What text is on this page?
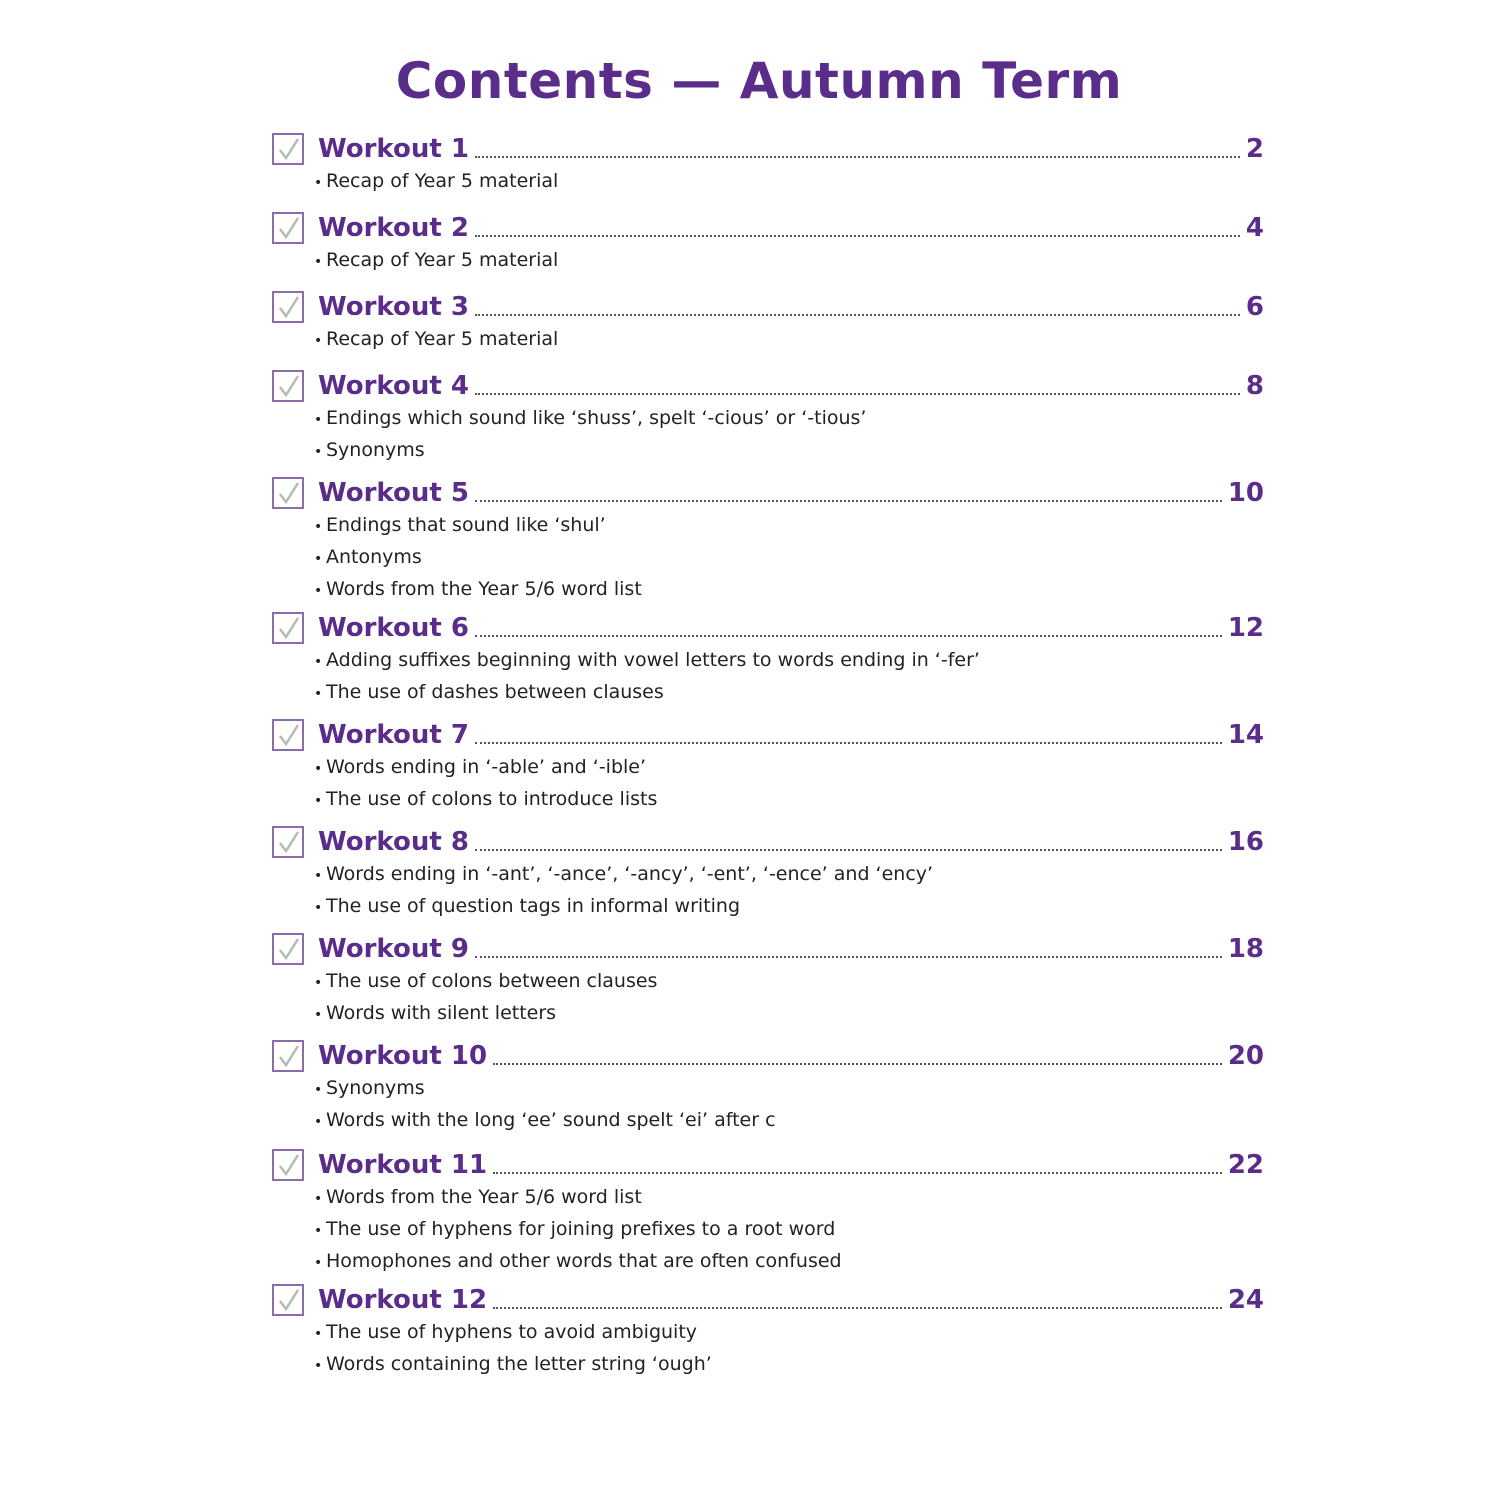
Contents — Autumn Term
Workout 1	2
• Recap of Year 5 material
Workout 2	4
• Recap of Year 5 material
Workout 3	6
• Recap of Year 5 material
Workout 4	8
• Endings which sound like ‘shuss’, spelt ‘-cious’ or ‘-tious’
• Synonyms
Workout 5	10
• Endings that sound like ‘shul’
• Antonyms
• Words from the Year 5/6 word list
Workout 6	12
• Adding suffixes beginning with vowel letters to words ending in ‘-fer’
• The use of dashes between clauses
Workout 7	14
• Words ending in ‘-able’ and ‘-ible’
• The use of colons to introduce lists
Workout 8	16
• Words ending in ‘-ant’, ‘-ance’, ‘-ancy’, ‘-ent’, ‘-ence’ and ‘ency’
• The use of question tags in informal writing
Workout 9	18
• The use of colons between clauses
• Words with silent letters
Workout 10	20
• Synonyms
• Words with the long ‘ee’ sound spelt ‘ei’ after c
Workout 11	22
• Words from the Year 5/6 word list
• The use of hyphens for joining prefixes to a root word
• Homophones and other words that are often confused
Workout 12	24
• The use of hyphens to avoid ambiguity
• Words containing the letter string ‘ough’
